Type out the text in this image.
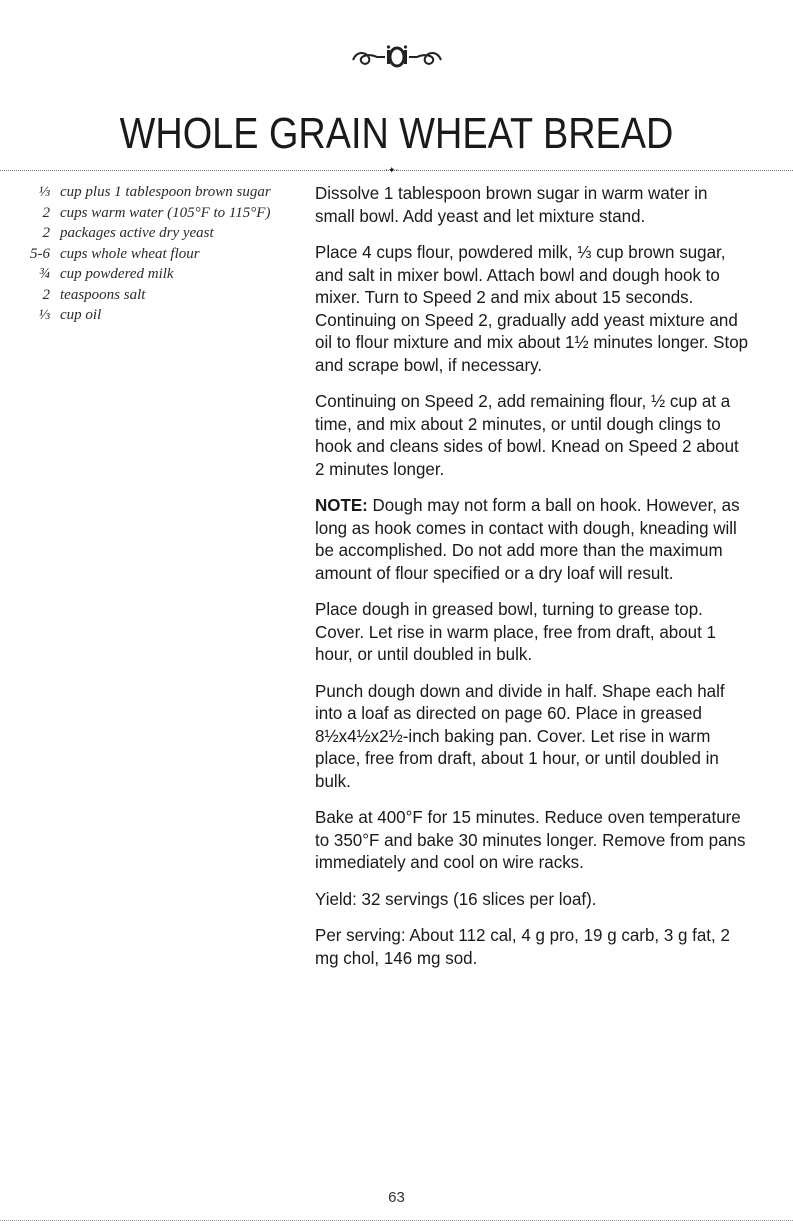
WHOLE GRAIN WHEAT BREAD
·✦·
⅓ cup plus 1 tablespoon brown sugar
2 cups warm water (105°F to 115°F)
2 packages active dry yeast
5-6 cups whole wheat flour
¾ cup powdered milk
2 teaspoons salt
⅓ cup oil

Dissolve 1 tablespoon brown sugar in warm water in small bowl. Add yeast and let mixture stand.

Place 4 cups flour, powdered milk, ⅓ cup brown sugar, and salt in mixer bowl. Attach bowl and dough hook to mixer. Turn to Speed 2 and mix about 15 seconds. Continuing on Speed 2, gradually add yeast mixture and oil to flour mixture and mix about 1½ minutes longer. Stop and scrape bowl, if necessary.

Continuing on Speed 2, add remaining flour, ½ cup at a time, and mix about 2 minutes, or until dough clings to hook and cleans sides of bowl. Knead on Speed 2 about 2 minutes longer.

NOTE: Dough may not form a ball on hook. However, as long as hook comes in contact with dough, kneading will be accomplished. Do not add more than the maximum amount of flour specified or a dry loaf will result.

Place dough in greased bowl, turning to grease top. Cover. Let rise in warm place, free from draft, about 1 hour, or until doubled in bulk.

Punch dough down and divide in half. Shape each half into a loaf as directed on page 60. Place in greased 8½x4½x2½-inch baking pan. Cover. Let rise in warm place, free from draft, about 1 hour, or until doubled in bulk.

Bake at 400°F for 15 minutes. Reduce oven temperature to 350°F and bake 30 minutes longer. Remove from pans immediately and cool on wire racks.

Yield: 32 servings (16 slices per loaf).

Per serving: About 112 cal, 4 g pro, 19 g carb, 3 g fat, 2 mg chol, 146 mg sod.

63
